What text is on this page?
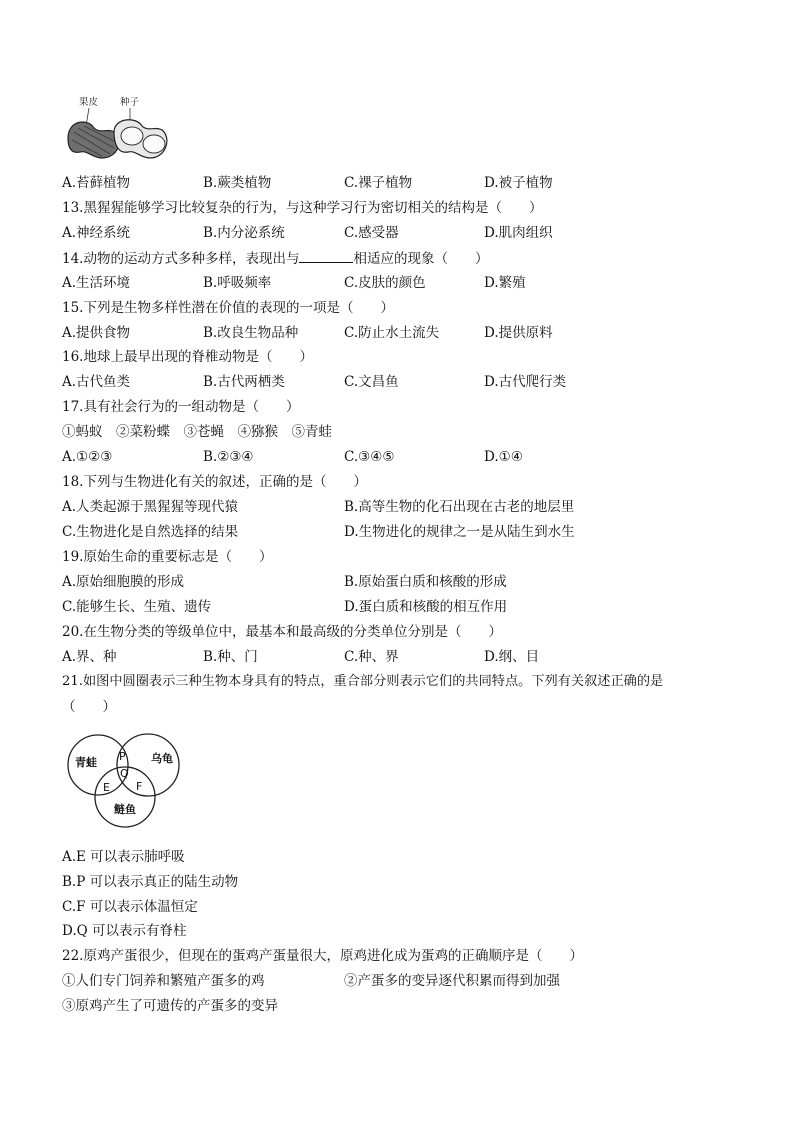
果皮 种子
A.苔藓植物	B.蕨类植物	C.裸子植物	D.被子植物
13.黑猩猩能够学习比较复杂的行为，与这种学习行为密切相关的结构是（　　）
A.神经系统	B.内分泌系统	C.感受器	D.肌肉组织
14.动物的运动方式多种多样，表现出与	相适应的现象（　　）
A.生活环境	B.呼吸频率	C.皮肤的颜色	D.繁殖
15.下列是生物多样性潜在价值的表现的一项是（　　）
A.提供食物	B.改良生物品种	C.防止水土流失	D.提供原料
16.地球上最早出现的脊椎动物是（　　）
A.古代鱼类	B.古代两栖类	C.文昌鱼	D.古代爬行类
17.具有社会行为的一组动物是（　　）
①蚂蚁　②菜粉蝶　③苍蝇　④猕猴　⑤青蛙
A.①②③	B.②③④	C.③④⑤	D.①④
18.下列与生物进化有关的叙述，正确的是（　　）
A.人类起源于黑猩猩等现代猿	B.高等生物的化石出现在古老的地层里
C.生物进化是自然选择的结果	D.生物进化的规律之一是从陆生到水生
19.原始生命的重要标志是（　　）
A.原始细胞膜的形成	B.原始蛋白质和核酸的形成
C.能够生长、生殖、遗传	D.蛋白质和核酸的相互作用
20.在生物分类的等级单位中，最基本和最高级的分类单位分别是（　　）
A.界、种	B.种、门	C.种、界	D.纲、目
21.如图中圆圈表示三种生物本身具有的特点，重合部分则表示它们的共同特点。下列有关叙述正确的是
（　　）
青蛙	乌龟
鲢鱼
P
Q
E F
A.E 可以表示肺呼吸
B.P 可以表示真正的陆生动物
C.F 可以表示体温恒定
D.Q 可以表示有脊柱
22.原鸡产蛋很少，但现在的蛋鸡产蛋量很大，原鸡进化成为蛋鸡的正确顺序是（　　）
①人们专门饲养和繁殖产蛋多的鸡	②产蛋多的变异逐代积累而得到加强
③原鸡产生了可遗传的产蛋多的变异
